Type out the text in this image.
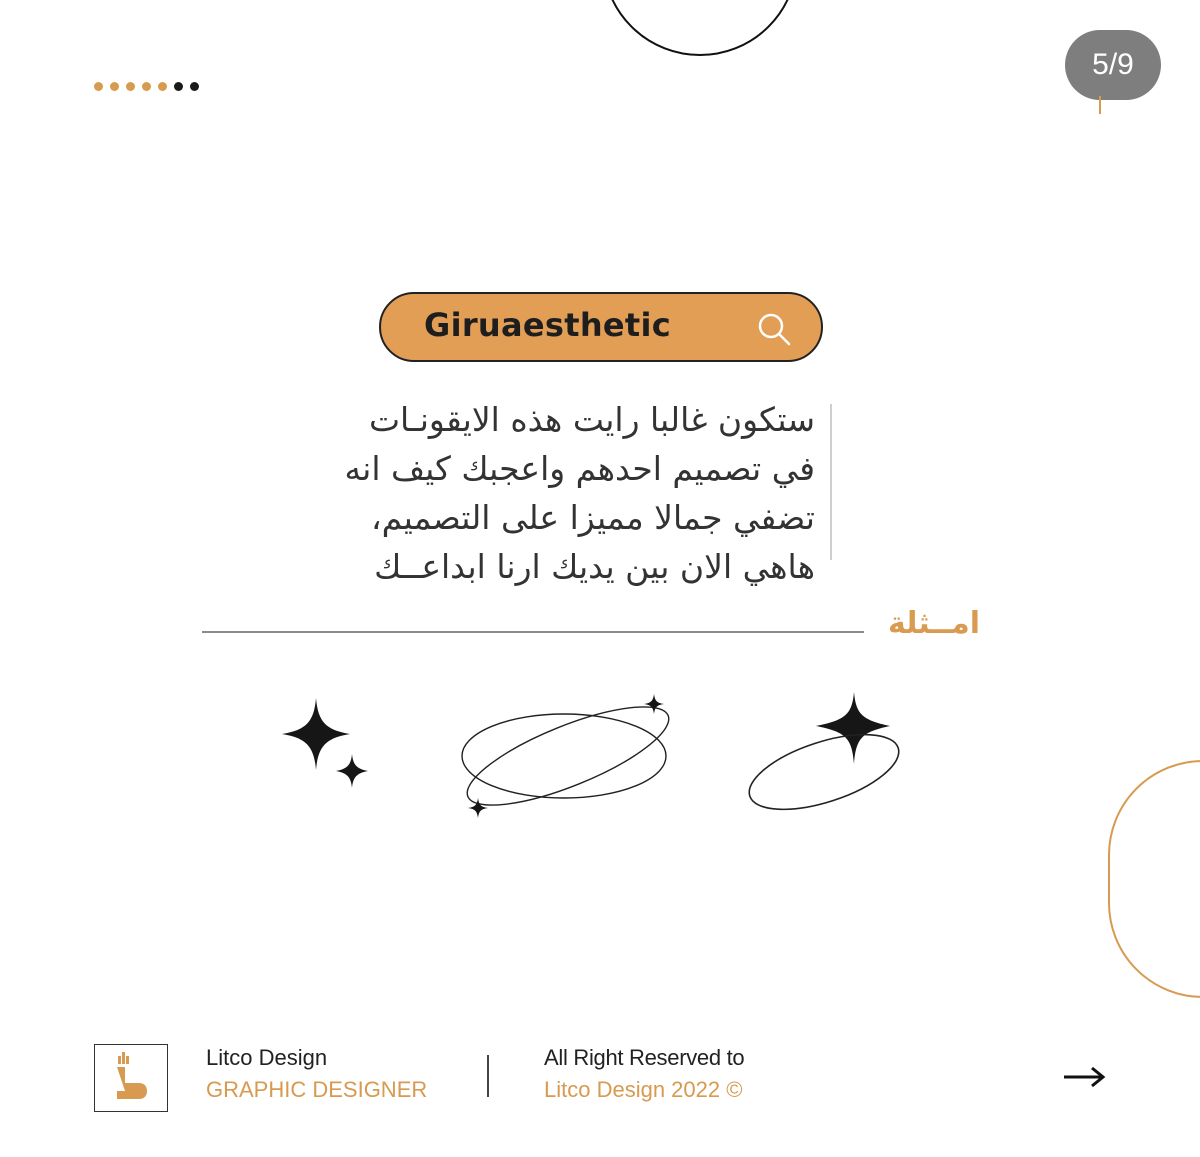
5/9
Giruaesthetic
ستكون غالبا رايت هذه الايقونـات
في تصميم احدهم واعجبك كيف انه
تضفي جمالا مميزا على التصميم،
هاهي الان بين يديك ارنا ابداعــك
امــثلة
Litco Design
GRAPHIC DESIGNER
All Right Reserved to
Litco Design 2022 ©
